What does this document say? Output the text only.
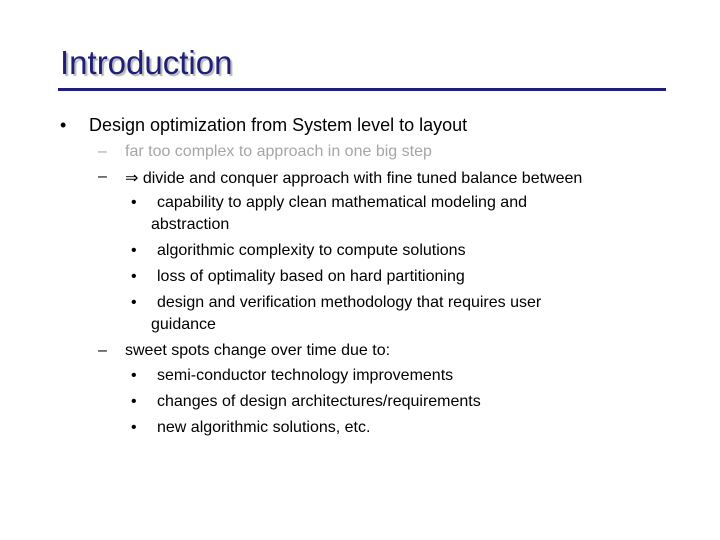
Introduction
• Design optimization from System level to layout
– far too complex to approach in one big step
– ⇒ divide and conquer approach with fine tuned balance between
• capability to apply clean mathematical modeling and
abstraction
• algorithmic complexity to compute solutions
• loss of optimality based on hard partitioning
• design and verification methodology that requires user
guidance
– sweet spots change over time due to:
• semi-conductor technology improvements
• changes of design architectures/requirements
• new algorithmic solutions, etc.
